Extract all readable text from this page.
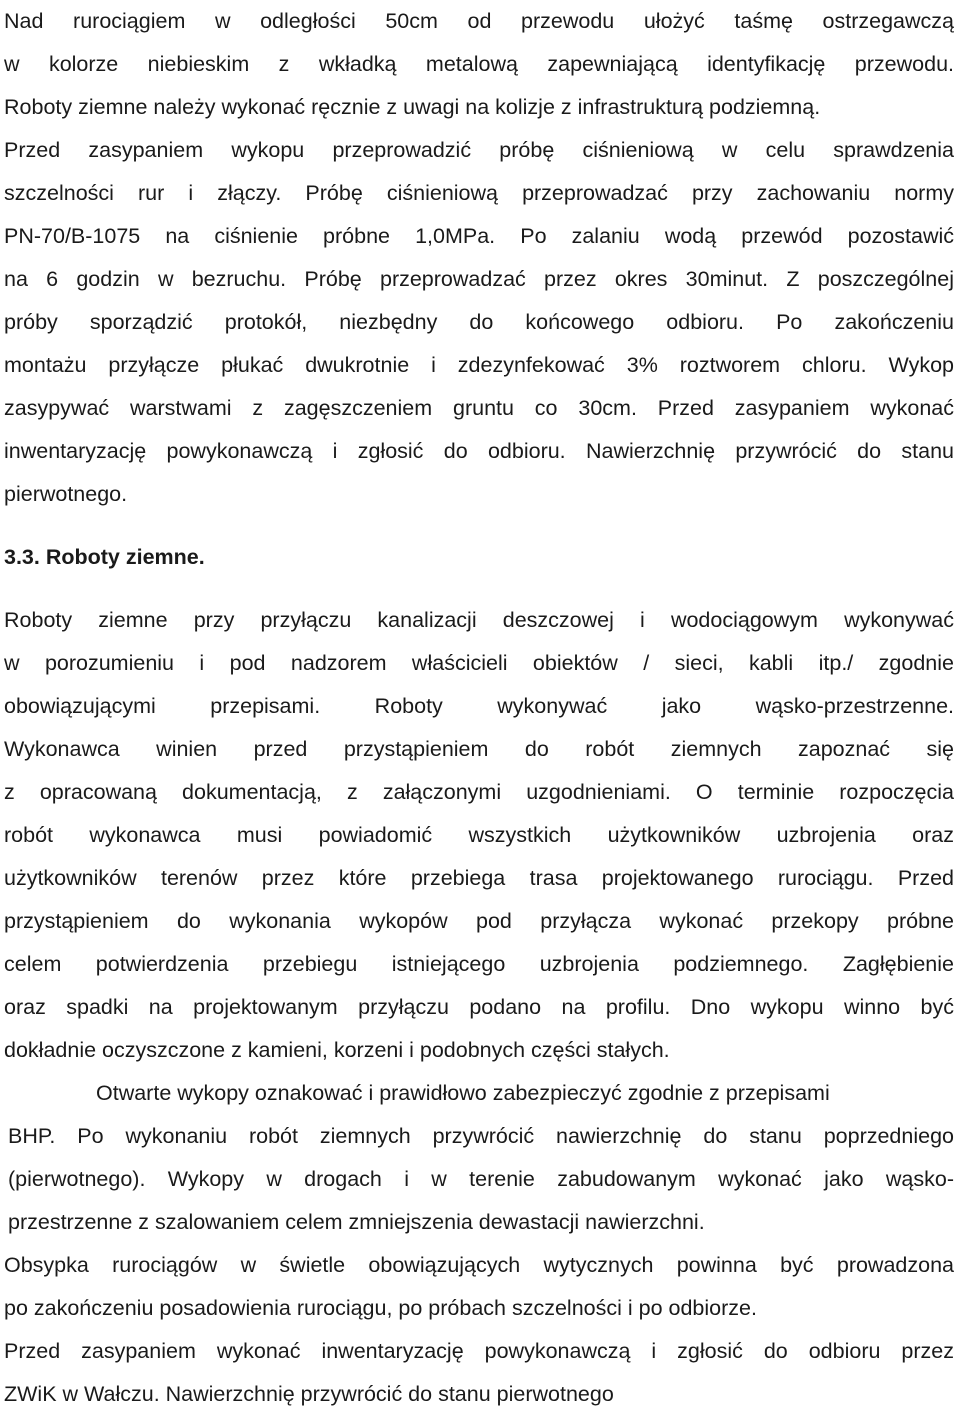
Nad rurociągiem w odległości 50cm od przewodu ułożyć taśmę ostrzegawczą
w kolorze niebieskim z wkładką metalową zapewniającą identyfikację przewodu.
Roboty ziemne należy wykonać ręcznie z uwagi na kolizje z infrastrukturą podziemną.
Przed zasypaniem wykopu przeprowadzić próbę ciśnieniową w celu sprawdzenia
szczelności rur i złączy. Próbę ciśnieniową przeprowadzać przy zachowaniu normy
PN-70/B-1075 na ciśnienie próbne 1,0MPa. Po zalaniu wodą przewód pozostawić
na 6 godzin w bezruchu. Próbę przeprowadzać przez okres 30minut. Z poszczególnej
próby sporządzić protokół, niezbędny do końcowego odbioru. Po zakończeniu
montażu przyłącze płukać dwukrotnie i zdezynfekować 3% roztworem chloru. Wykop
zasypywać warstwami z zagęszczeniem gruntu co 30cm. Przed zasypaniem wykonać
inwentaryzację powykonawczą i zgłosić do odbioru. Nawierzchnię przywrócić do stanu
pierwotnego.
3.3. Roboty ziemne.
Roboty ziemne przy przyłączu kanalizacji deszczowej i wodociągowym wykonywać
w porozumieniu i pod nadzorem właścicieli obiektów / sieci, kabli itp./ zgodnie
obowiązującymi przepisami. Roboty wykonywać jako wąsko-przestrzenne.
Wykonawca winien przed przystąpieniem do robót ziemnych zapoznać się
z opracowaną dokumentacją, z załączonymi uzgodnieniami. O terminie rozpoczęcia
robót wykonawca musi powiadomić wszystkich użytkowników uzbrojenia oraz
użytkowników terenów przez które przebiega trasa projektowanego rurociągu. Przed
przystąpieniem do wykonania wykopów pod przyłącza wykonać przekopy próbne
celem potwierdzenia przebiegu istniejącego uzbrojenia podziemnego. Zagłębienie
oraz spadki na projektowanym przyłączu podano na profilu. Dno wykopu winno być
dokładnie oczyszczone z kamieni, korzeni i podobnych części stałych.
Otwarte wykopy oznakować i prawidłowo zabezpieczyć zgodnie z przepisami
BHP. Po wykonaniu robót ziemnych przywrócić nawierzchnię do stanu poprzedniego
(pierwotnego). Wykopy w drogach i w terenie zabudowanym wykonać jako wąsko-
przestrzenne z szalowaniem celem zmniejszenia dewastacji nawierzchni.
Obsypka rurociągów w świetle obowiązujących wytycznych powinna być prowadzona
po zakończeniu posadowienia rurociągu, po próbach szczelności i po odbiorze.
Przed zasypaniem wykonać inwentaryzację powykonawczą i zgłosić do odbioru przez
ZWiK w Wałczu. Nawierzchnię przywrócić do stanu pierwotnego
